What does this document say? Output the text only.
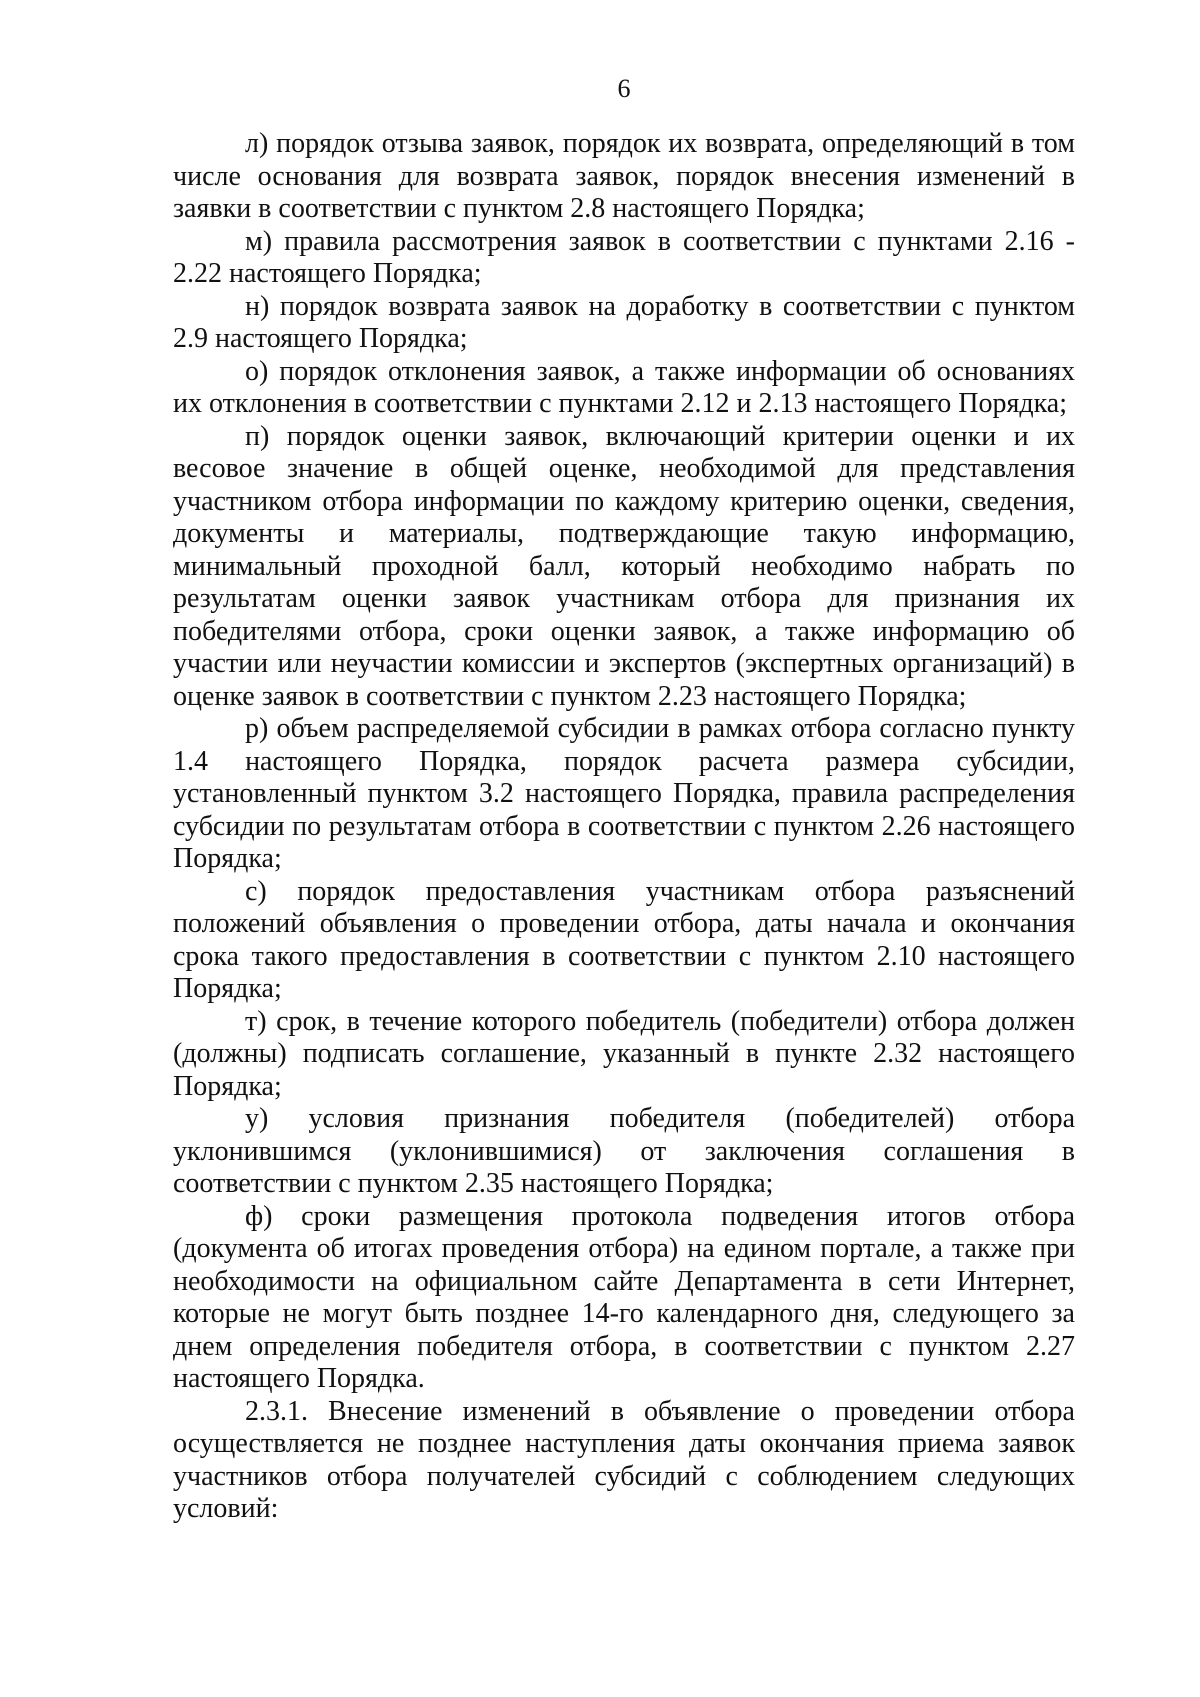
6

л) порядок отзыва заявок, порядок их возврата, определяющий в том числе основания для возврата заявок, порядок внесения изменений в заявки в соответствии с пунктом 2.8 настоящего Порядка;

м) правила рассмотрения заявок в соответствии с пунктами 2.16 - 2.22 настоящего Порядка;

н) порядок возврата заявок на доработку в соответствии с пунктом 2.9 настоящего Порядка;

о) порядок отклонения заявок, а также информации об основаниях их отклонения в соответствии с пунктами 2.12 и 2.13 настоящего Порядка;

п) порядок оценки заявок, включающий критерии оценки и их весовое значение в общей оценке, необходимой для представления участником отбора информации по каждому критерию оценки, сведения, документы и материалы, подтверждающие такую информацию, минимальный проходной балл, который необходимо набрать по результатам оценки заявок участникам отбора для признания их победителями отбора, сроки оценки заявок, а также информацию об участии или неучастии комиссии и экспертов (экспертных организаций) в оценке заявок в соответствии с пунктом 2.23 настоящего Порядка;

р) объем распределяемой субсидии в рамках отбора согласно пункту 1.4 настоящего Порядка, порядок расчета размера субсидии, установленный пунктом 3.2 настоящего Порядка, правила распределения субсидии по результатам отбора в соответствии с пунктом 2.26 настоящего Порядка;

с) порядок предоставления участникам отбора разъяснений положений объявления о проведении отбора, даты начала и окончания срока такого предоставления в соответствии с пунктом 2.10 настоящего Порядка;

т) срок, в течение которого победитель (победители) отбора должен (должны) подписать соглашение, указанный в пункте 2.32 настоящего Порядка;

у) условия признания победителя (победителей) отбора уклонившимся (уклонившимися) от заключения соглашения в соответствии с пунктом 2.35 настоящего Порядка;

ф) сроки размещения протокола подведения итогов отбора (документа об итогах проведения отбора) на едином портале, а также при необходимости на официальном сайте Департамента в сети Интернет, которые не могут быть позднее 14-го календарного дня, следующего за днем определения победителя отбора, в соответствии с пунктом 2.27 настоящего Порядка.

2.3.1. Внесение изменений в объявление о проведении отбора осуществляется не позднее наступления даты окончания приема заявок участников отбора получателей субсидий с соблюдением следующих условий:
